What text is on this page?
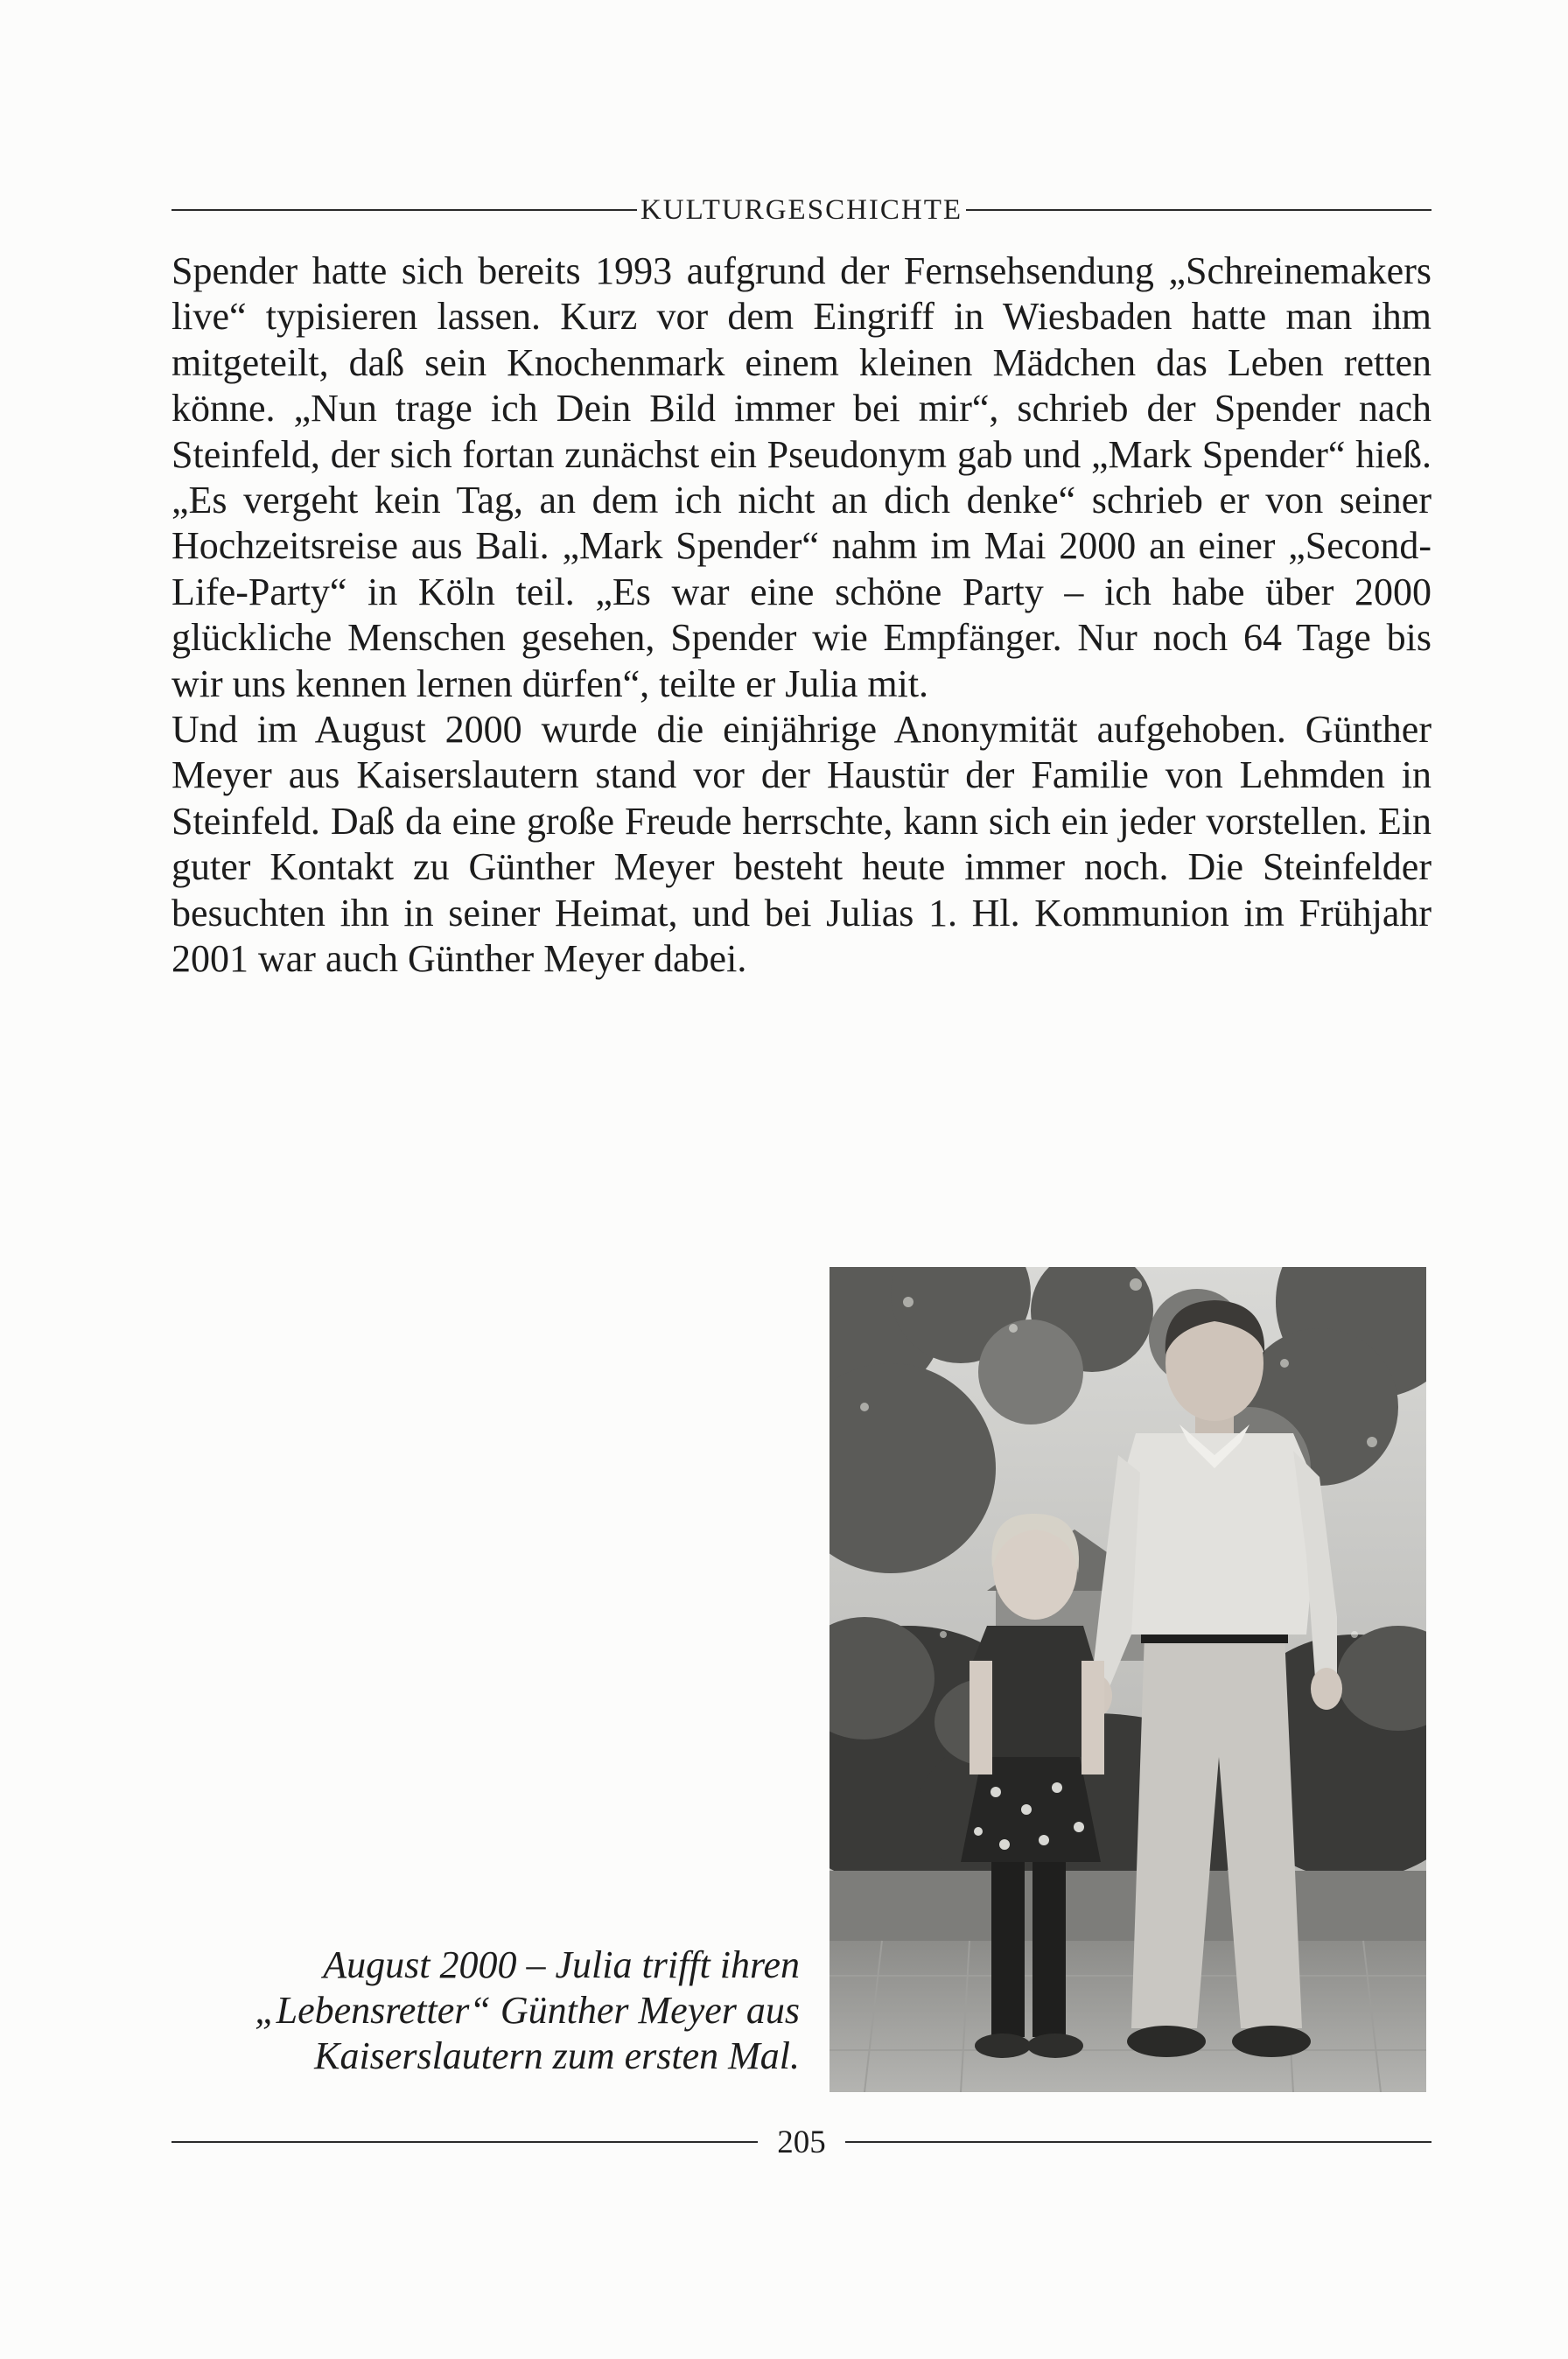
KULTURGESCHICHTE

Spender hatte sich bereits 1993 aufgrund der Fernsehsendung „Schreinemakers live“ typisieren lassen. Kurz vor dem Eingriff in Wiesbaden hatte man ihm mitgeteilt, daß sein Knochenmark einem kleinen Mädchen das Leben retten könne. „Nun trage ich Dein Bild immer bei mir“, schrieb der Spender nach Steinfeld, der sich fortan zunächst ein Pseudonym gab und „Mark Spender“ hieß. „Es vergeht kein Tag, an dem ich nicht an dich denke“ schrieb er von seiner Hochzeitsreise aus Bali. „Mark Spender“ nahm im Mai 2000 an einer „Second-Life-Party“ in Köln teil. „Es war eine schöne Party – ich habe über 2000 glückliche Menschen gesehen, Spender wie Empfänger. Nur noch 64 Tage bis wir uns kennen lernen dürfen“, teilte er Julia mit.

Und im August 2000 wurde die einjährige Anonymität aufgehoben. Günther Meyer aus Kaiserslautern stand vor der Haustür der Familie von Lehmden in Steinfeld. Daß da eine große Freude herrschte, kann sich ein jeder vorstellen. Ein guter Kontakt zu Günther Meyer besteht heute immer noch. Die Steinfelder besuchten ihn in seiner Heimat, und bei Julias 1. Hl. Kommunion im Frühjahr 2001 war auch Günther Meyer dabei.

August 2000 – Julia trifft ihren
„Lebensretter“ Günther Meyer aus
Kaiserslautern zum ersten Mal.
205
